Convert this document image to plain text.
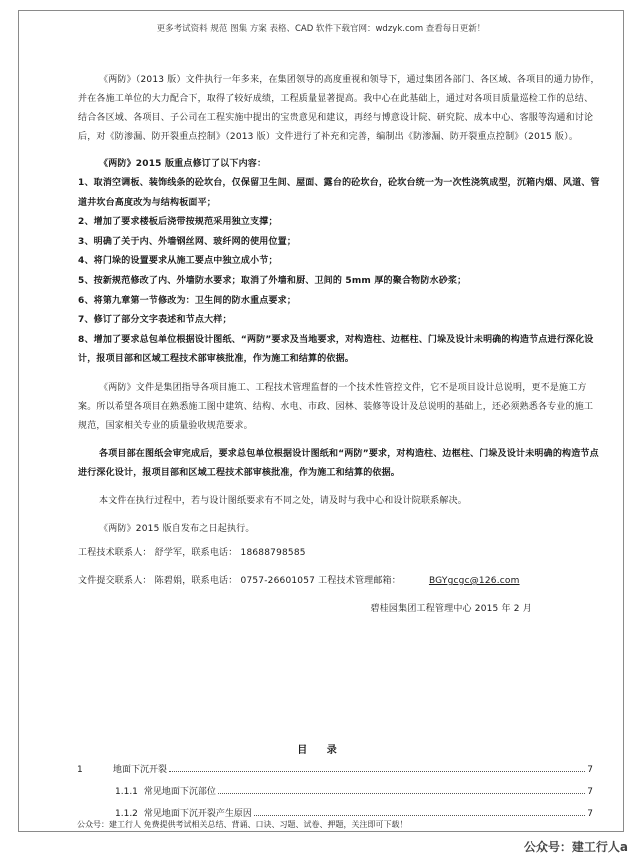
更多考试资料 规范 图集 方案 表格、CAD 软件下载官网：wdzyk.com 查看每日更新！

《两防》（2013 版）文件执行一年多来，在集团领导的高度重视和领导下，通过集团各部门、各区域、各项目的通力协作，并在各施工单位的大力配合下，取得了较好成绩，工程质量显著提高。我中心在此基础上，通过对各项目质量巡检工作的总结、结合各区域、各项目、子公司在工程实施中提出的宝贵意见和建议，再经与博意设计院、研究院、成本中心、客服等沟通和讨论后，对《防渗漏、防开裂重点控制》（2013 版）文件进行了补充和完善，编制出《防渗漏、防开裂重点控制》（2015 版）。

《两防》2015 版重点修订了以下内容：

1、取消空调板、装饰线条的砼坎台，仅保留卫生间、屋面、露台的砼坎台，砼坎台统一为一次性浇筑成型，沉箱内烟、风道、管道井坎台高度改为与结构板面平；

2、增加了要求楼板后浇带按规范采用独立支撑；

3、明确了关于内、外墙钢丝网、玻纤网的使用位置；

4、将门垛的设置要求从施工要点中独立成小节；

5、按新规范修改了内、外墙防水要求；取消了外墙和厨、卫间的 5mm 厚的聚合物防水砂浆；

6、将第九章第一节修改为：卫生间的防水重点要求；

7、修订了部分文字表述和节点大样；

8、增加了要求总包单位根据设计图纸、“两防”要求及当地要求，对构造柱、边框柱、门垛及设计未明确的构造节点进行深化设计，报项目部和区域工程技术部审核批准，作为施工和结算的依据。

《两防》文件是集团指导各项目施工、工程技术管理监督的一个技术性管控文件，它不是项目设计总说明，更不是施工方案。所以希望各项目在熟悉施工图中建筑、结构、水电、市政、园林、装修等设计及总说明的基础上，还必须熟悉各专业的施工规范，国家相关专业的质量验收规范要求。

各项目部在图纸会审完成后，要求总包单位根据设计图纸和“两防”要求，对构造柱、边框柱、门垛及设计未明确的构造节点进行深化设计，报项目部和区域工程技术部审核批准，作为施工和结算的依据。

本文件在执行过程中，若与设计图纸要求有不同之处，请及时与我中心和设计院联系解决。

《两防》2015 版自发布之日起执行。

工程技术联系人： 舒学军，联系电话： 18688798585

文件提交联系人： 陈碧娟，联系电话： 0757-26601057 工程技术管理邮箱：	BGYgcgc@126.com

碧桂园集团工程管理中心 2015 年 2 月

目 录
1	地面下沉开裂	7
1.1.1 常见地面下沉部位	7
1.1.2 常见地面下沉开裂产生原因	7
公众号：建工行人 免费提供考试相关总结、背诵、口诀、习题、试卷、押题，关注即可下载！
公众号：建工行人a
